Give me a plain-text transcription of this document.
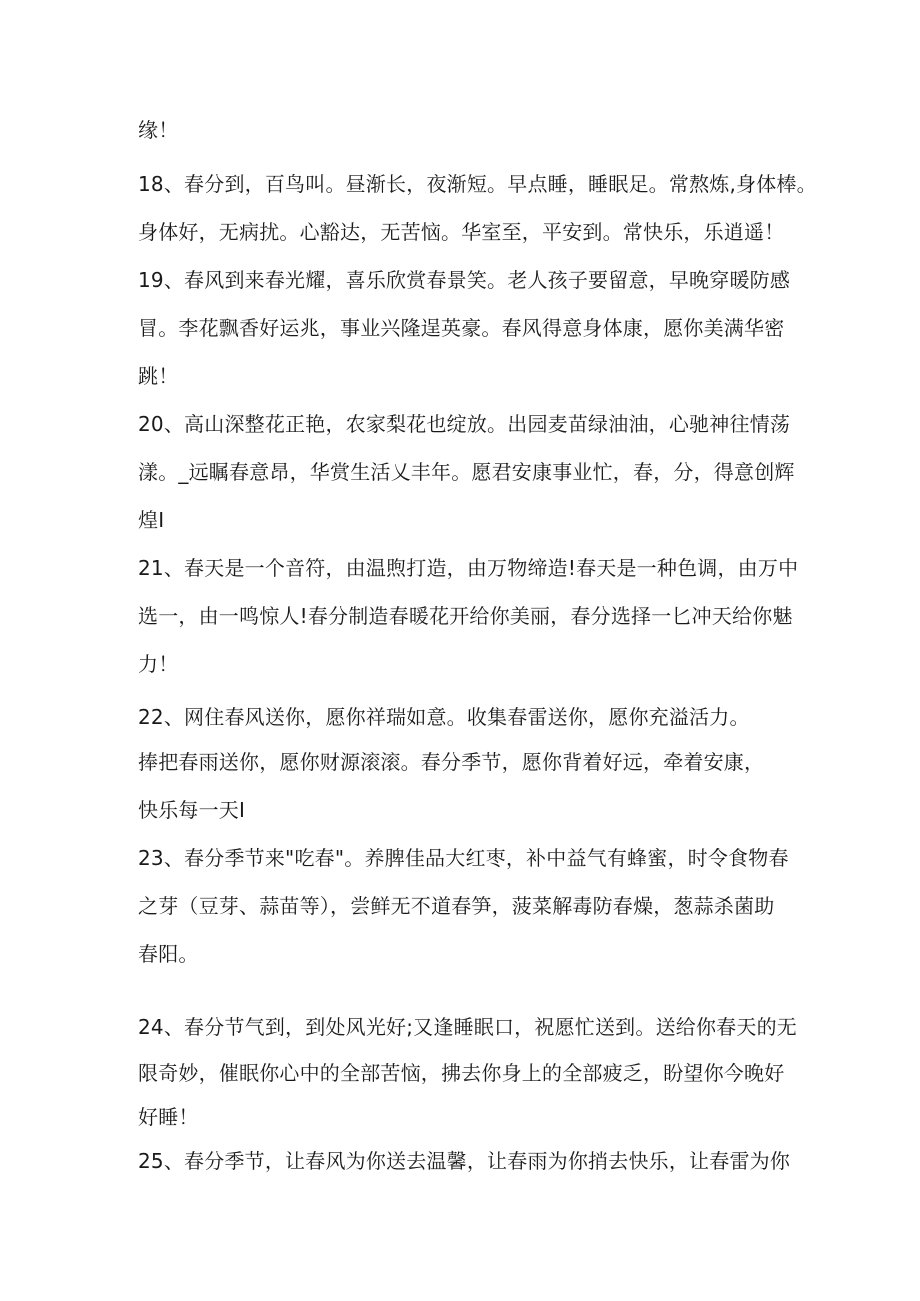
缘！
18、春分到，百鸟叫。昼渐长，夜渐短。早点睡，睡眠足。常熬炼,身体棒。
身体好，无病扰。心豁达，无苦恼。华室至，平安到。常快乐，乐逍遥！
19、春风到来春光耀，喜乐欣赏春景笑。老人孩子要留意，早晚穿暖防感
冒。李花飘香好运兆，事业兴隆逞英豪。春风得意身体康，愿你美满华密
跳！
20、高山深整花正艳，农家梨花也绽放。出园麦苗绿油油，心驰神往情荡
漾。_远瞩春意昂，华赏生活乂丰年。愿君安康事业忙，春，分，得意创辉
煌I
21、春天是一个音符，由温煦打造，由万物缔造!春天是一种色调，由万中
选一，由一鸣惊人!春分制造春暖花开给你美丽，春分选择一匕冲天给你魅
力！
22、网住春风送你，愿你祥瑞如意。收集春雷送你，愿你充溢活力。
捧把春雨送你，愿你财源滚滚。春分季节，愿你背着好远，牵着安康，
快乐每一天I
23、春分季节来"吃春"。养脾佳品大红枣，补中益气有蜂蜜，时令食物春
之芽（豆芽、蒜苗等），尝鲜无不道春笋，菠菜解毒防春燥，葱蒜杀菌助
春阳。
24、春分节气到，到处风光好;又逢睡眠口，祝愿忙送到。送给你春天的无
限奇妙，催眠你心中的全部苦恼，拂去你身上的全部疲乏，盼望你今晚好
好睡！
25、春分季节，让春风为你送去温馨，让春雨为你捎去快乐，让春雷为你
